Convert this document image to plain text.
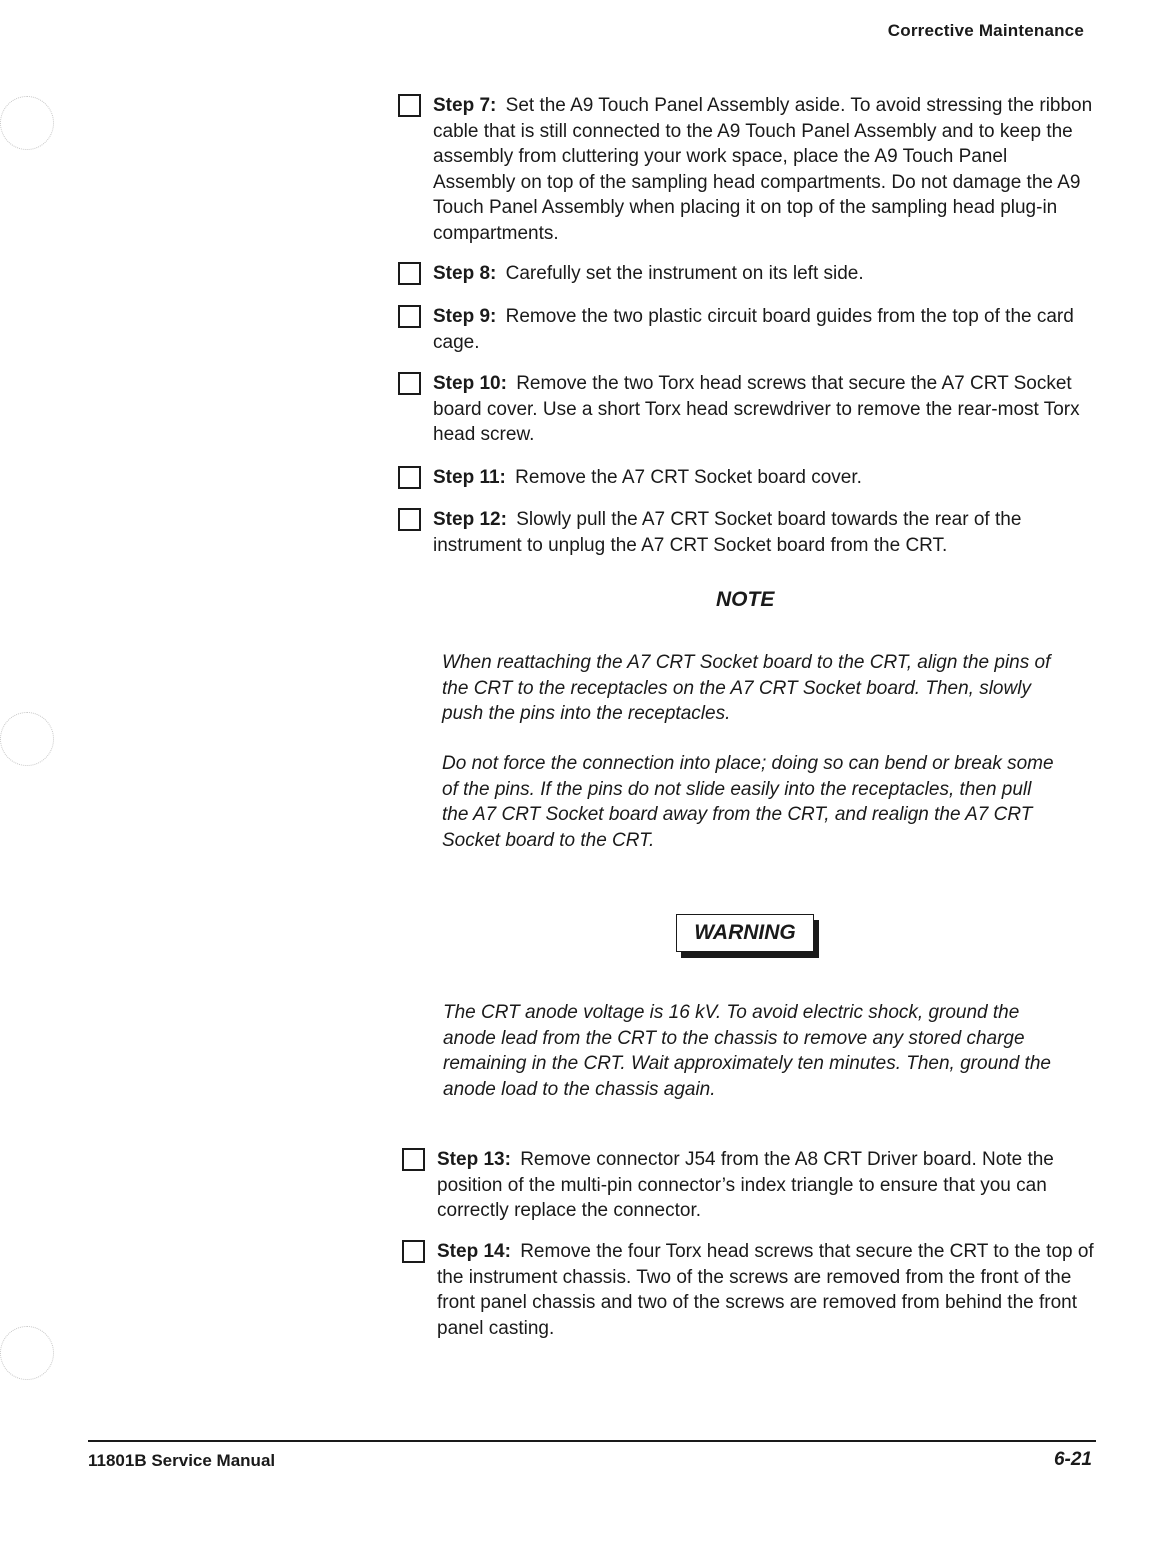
Corrective Maintenance
Step 7: Set the A9 Touch Panel Assembly aside. To avoid stressing the ribbon cable that is still connected to the A9 Touch Panel Assembly and to keep the assembly from cluttering your work space, place the A9 Touch Panel Assembly on top of the sampling head compartments. Do not damage the A9 Touch Panel Assembly when placing it on top of the sampling head plug-in compartments.
Step 8: Carefully set the instrument on its left side.
Step 9: Remove the two plastic circuit board guides from the top of the card cage.
Step 10: Remove the two Torx head screws that secure the A7 CRT Socket board cover. Use a short Torx head screwdriver to remove the rear-most Torx head screw.
Step 11: Remove the A7 CRT Socket board cover.
Step 12: Slowly pull the A7 CRT Socket board towards the rear of the instrument to unplug the A7 CRT Socket board from the CRT.
NOTE
When reattaching the A7 CRT Socket board to the CRT, align the pins of the CRT to the receptacles on the A7 CRT Socket board. Then, slowly push the pins into the receptacles.
Do not force the connection into place; doing so can bend or break some of the pins. If the pins do not slide easily into the receptacles, then pull the A7 CRT Socket board away from the CRT, and realign the A7 CRT Socket board to the CRT.
WARNING
The CRT anode voltage is 16 kV. To avoid electric shock, ground the anode lead from the CRT to the chassis to remove any stored charge remaining in the CRT. Wait approximately ten minutes. Then, ground the anode load to the chassis again.
Step 13: Remove connector J54 from the A8 CRT Driver board. Note the position of the multi-pin connector’s index triangle to ensure that you can correctly replace the connector.
Step 14: Remove the four Torx head screws that secure the CRT to the top of the instrument chassis. Two of the screws are removed from the front of the front panel chassis and two of the screws are removed from behind the front panel casting.
11801B Service Manual	6-21
